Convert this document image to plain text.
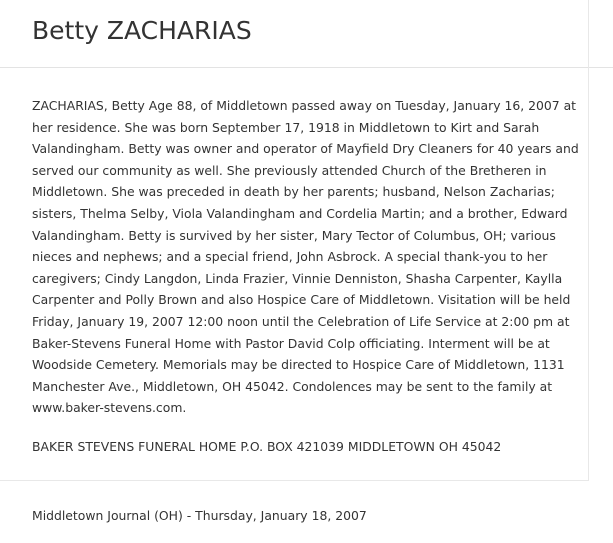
Betty ZACHARIAS

ZACHARIAS, Betty Age 88, of Middletown passed away on Tuesday, January 16, 2007 at her residence. She was born September 17, 1918 in Middletown to Kirt and Sarah Valandingham. Betty was owner and operator of Mayfield Dry Cleaners for 40 years and served our community as well. She previously attended Church of the Bretheren in Middletown. She was preceded in death by her parents; husband, Nelson Zacharias; sisters, Thelma Selby, Viola Valandingham and Cordelia Martin; and a brother, Edward Valandingham. Betty is survived by her sister, Mary Tector of Columbus, OH; various nieces and nephews; and a special friend, John Asbrock. A special thank-you to her caregivers; Cindy Langdon, Linda Frazier, Vinnie Denniston, Shasha Carpenter, Kaylla Carpenter and Polly Brown and also Hospice Care of Middletown. Visitation will be held Friday, January 19, 2007 12:00 noon until the Celebration of Life Service at 2:00 pm at Baker-Stevens Funeral Home with Pastor David Colp officiating. Interment will be at Woodside Cemetery. Memorials may be directed to Hospice Care of Middletown, 1131 Manchester Ave., Middletown, OH 45042. Condolences may be sent to the family at www.baker-stevens.com.

BAKER STEVENS FUNERAL HOME P.O. BOX 421039 MIDDLETOWN OH 45042

Middletown Journal (OH) - Thursday, January 18, 2007
